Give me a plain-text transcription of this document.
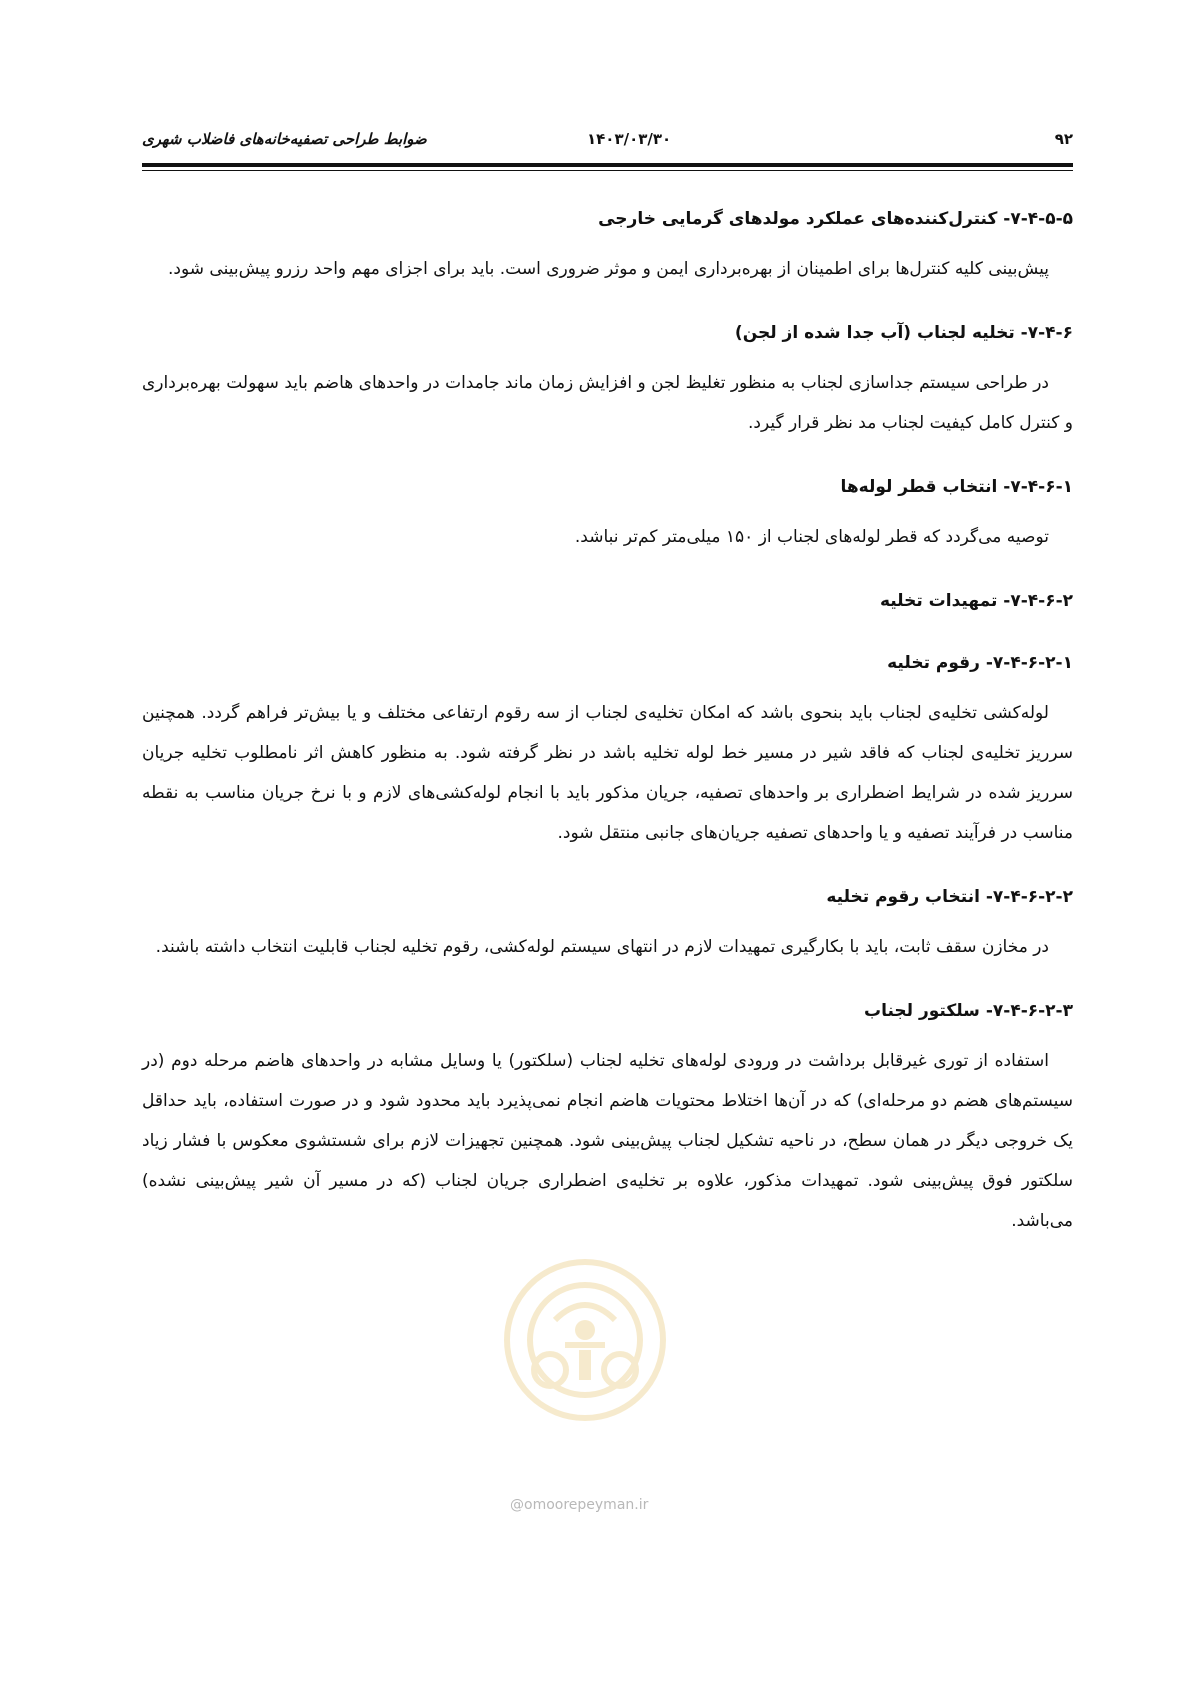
۹۲
۱۴۰۳/۰۳/۳۰
ضوابط طراحی تصفیه‌خانه‌های فاضلاب شهری

۷-۴-۵-۵- کنترل‌کننده‌های عملکرد مولدهای گرمایی خارجی

پیش‌بینی کلیه کنترل‌ها برای اطمینان از بهره‌برداری ایمن و موثر ضروری است. باید برای اجزای مهم واحد رزرو پیش‌بینی شود.

۷-۴-۶- تخلیه لجناب (آب جدا شده از لجن)

در طراحی سیستم جداسازی لجناب به منظور تغلیظ لجن و افزایش زمان ماند جامدات در واحدهای هاضم باید سهولت بهره‌برداری و کنترل کامل کیفیت لجناب مد نظر قرار گیرد.

۷-۴-۶-۱- انتخاب قطر لوله‌ها

توصیه می‌گردد که قطر لوله‌های لجناب از ۱۵۰ میلی‌متر کم‌تر نباشد.

۷-۴-۶-۲- تمهیدات تخلیه

۷-۴-۶-۲-۱- رقوم تخلیه

لوله‌کشی تخلیه‌ی لجناب باید بنحوی باشد که امکان تخلیه‌ی لجناب از سه رقوم ارتفاعی مختلف و یا بیش‌تر فراهم گردد. همچنین سرریز تخلیه‌ی لجناب که فاقد شیر در مسیر خط لوله تخلیه باشد در نظر گرفته شود. به منظور کاهش اثر نامطلوب تخلیه جریان سرریز شده در شرایط اضطراری بر واحدهای تصفیه، جریان مذکور باید با انجام لوله‌کشی‌های لازم و با نرخ جریان مناسب به نقطه مناسب در فرآیند تصفیه و یا واحدهای تصفیه جریان‌های جانبی منتقل شود.

۷-۴-۶-۲-۲- انتخاب رقوم تخلیه

در مخازن سقف ثابت، باید با بکارگیری تمهیدات لازم در انتهای سیستم لوله‌کشی، رقوم تخلیه لجناب قابلیت انتخاب داشته باشند.

۷-۴-۶-۲-۳- سلکتور لجناب

استفاده از توری غیرقابل برداشت در ورودی لوله‌های تخلیه لجناب (سلکتور) یا وسایل مشابه در واحدهای هاضم مرحله دوم (در سیستم‌های هضم دو مرحله‌ای) که در آن‌ها اختلاط محتویات هاضم انجام نمی‌پذیرد باید محدود شود و در صورت استفاده، باید حداقل یک خروجی دیگر در همان سطح، در ناحیه تشکیل لجناب پیش‌بینی شود. همچنین تجهیزات لازم برای شستشوی معکوس با فشار زیاد سلکتور فوق پیش‌بینی شود. تمهیدات مذکور، علاوه بر تخلیه‌ی اضطراری جریان لجناب (که در مسیر آن شیر پیش‌بینی نشده) می‌باشد.

@omoorepeyman.ir
